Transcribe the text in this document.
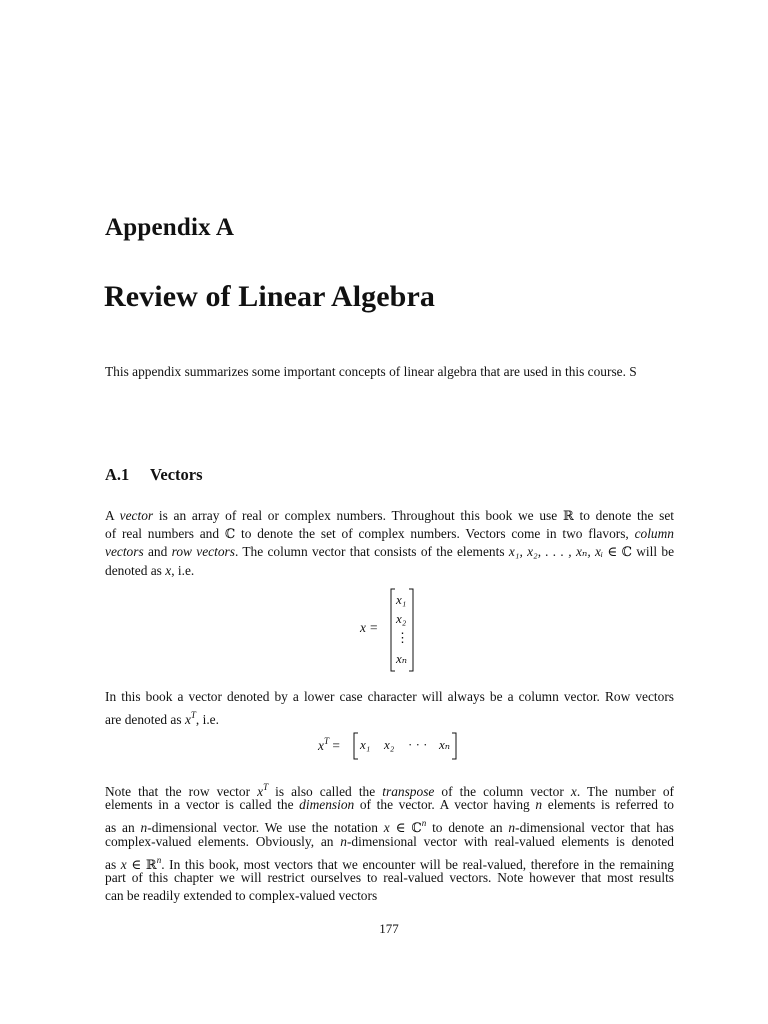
Appendix A
Review of Linear Algebra
This appendix summarizes some important concepts of linear algebra that are used in this course. S
A.1 Vectors
A vector is an array of real or complex numbers. Throughout this book we use ℝ to denote the set
of real numbers and ℂ to denote the set of complex numbers. Vectors come in two flavors, column
vectors and row vectors. The column vector that consists of the elements x₁, x₂, . . . , xₙ, xᵢ ∈ ℂ will be
denoted as x, i.e.
x =
x₁
x₂
⋮
xₙ
In this book a vector denoted by a lower case character will always be a column vector. Row vectors
are denoted as $x^T$, i.e.
$x^T = x_1$ x₂ · · · xₙ
Note that the row vector $x^T$ is also called the transpose of the column vector x. The number of
elements in a vector is called the dimension of the vector. A vector having n elements is referred to
as an n-dimensional vector. We use the notation x ∈ ℂ$^n$ to denote an n-dimensional vector that has
complex-valued elements. Obviously, an n-dimensional vector with real-valued elements is denoted
as x ∈ ℝ$^n$. In this book, most vectors that we encounter will be real-valued, therefore in the remaining
part of this chapter we will restrict ourselves to real-valued vectors. Note however that most results
can be readily extended to complex-valued vectors
177
